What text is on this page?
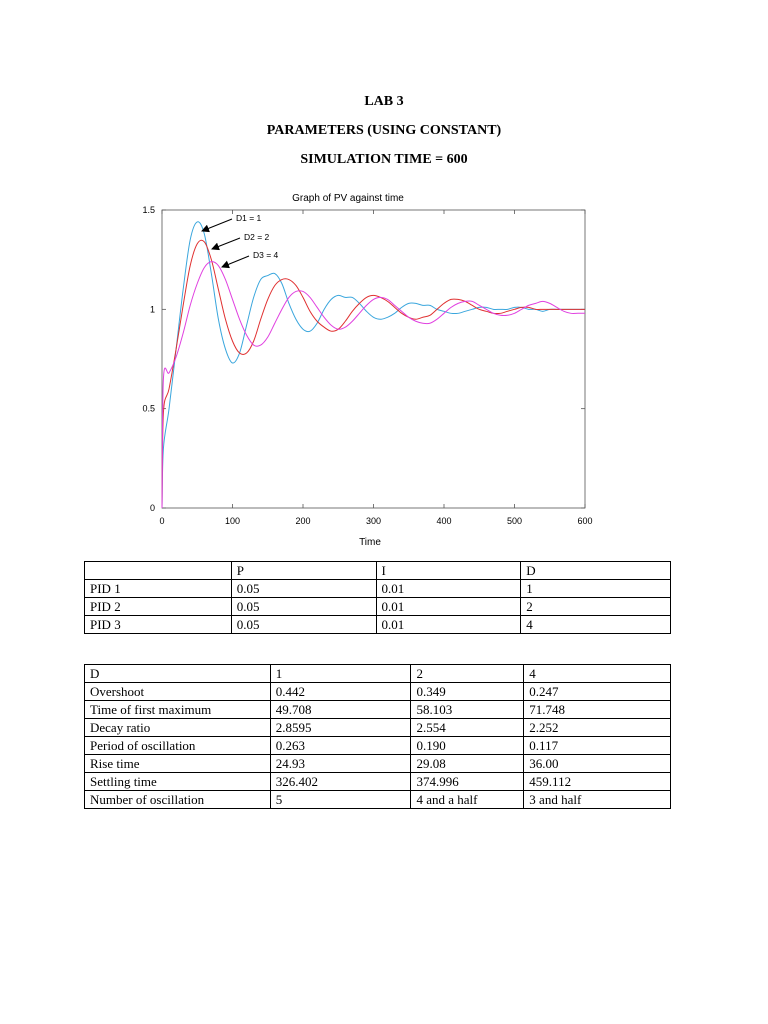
LAB 3
PARAMETERS (USING CONSTANT)
SIMULATION TIME = 600
Graph of PV against time
Time
0	100	200	300	400	500	600
0
0.5
1
1.5
D1 = 1
D2 = 2
D3 = 4
	P	I	D
PID 1	0.05	0.01	1
PID 2	0.05	0.01	2
PID 3	0.05	0.01	4
D	1	2	4
Overshoot	0.442	0.349	0.247
Time of first maximum	49.708	58.103	71.748
Decay ratio	2.8595	2.554	2.252
Period of oscillation	0.263	0.190	0.117
Rise time	24.93	29.08	36.00
Settling time	326.402	374.996	459.112
Number of oscillation	5	4 and a half	3 and half
